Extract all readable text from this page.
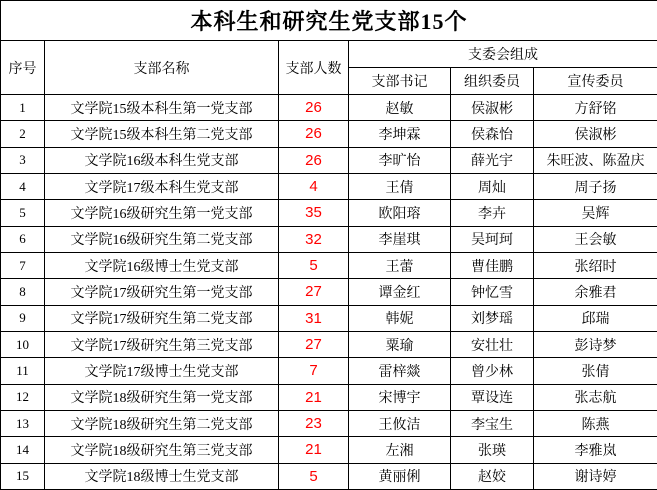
本科生和研究生党支部15个					
序号	支部名称	支部人数	支委会组成		
			支部书记	组织委员	宣传委员
1	文学院15级本科生第一党支部	26	赵敏	侯淑彬	方舒铭
2	文学院15级本科生第二党支部	26	李坤霖	侯森怡	侯淑彬
3	文学院16级本科生党支部	26	李旷怡	薛光宇	朱旺波、陈盈庆
4	文学院17级本科生党支部	4	王倩	周灿	周子扬
5	文学院16级研究生第一党支部	35	欧阳瑢	李卉	吴辉
6	文学院16级研究生第二党支部	32	李崖琪	吴珂珂	王会敏
7	文学院16级博士生党支部	5	王蕾	曹佳鹏	张绍时
8	文学院17级研究生第一党支部	27	谭金红	钟忆雪	余雅君
9	文学院17级研究生第二党支部	31	韩妮	刘梦瑶	邱瑞
10	文学院17级研究生第三党支部	27	粟瑜	安壮壮	彭诗梦
11	文学院17级博士生党支部	7	雷梓燚	曾少林	张倩
12	文学院18级研究生第一党支部	21	宋博宇	覃设连	张志航
13	文学院18级研究生第二党支部	23	王攸洁	李宝生	陈燕
14	文学院18级研究生第三党支部	21	左湘	张瑛	李雅岚
15	文学院18级博士生党支部	5	黄丽俐	赵姣	谢诗婷
